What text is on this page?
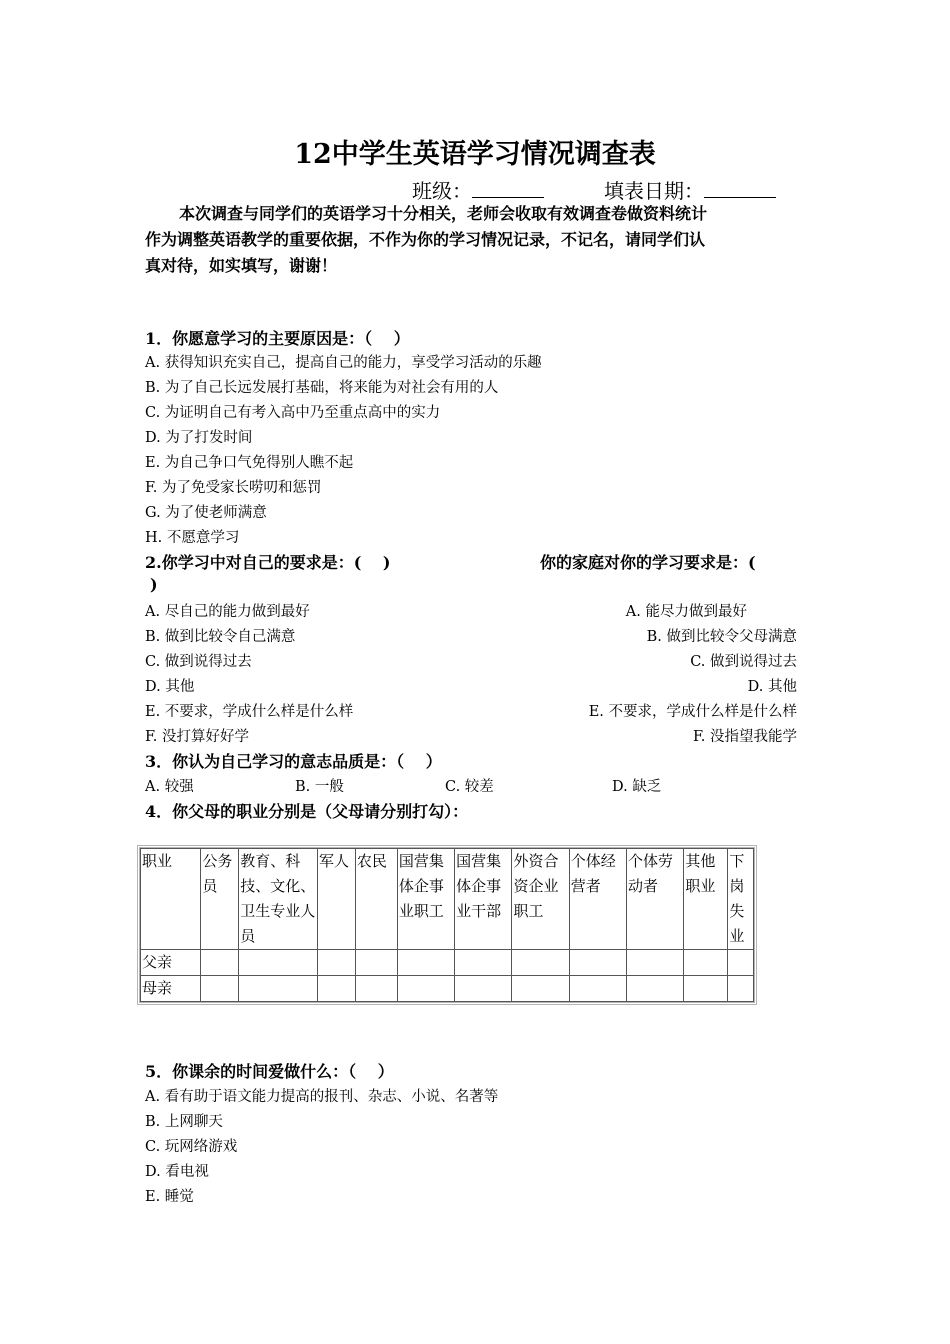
12中学生英语学习情况调查表
班级：	填表日期：
本次调查与同学们的英语学习十分相关，老师会收取有效调查卷做资料统计
作为调整英语教学的重要依据，不作为你的学习情况记录，不记名，请同学们认
真对待，如实填写，谢谢！
1．你愿意学习的主要原因是：（　 ）
A. 获得知识充实自己，提高自己的能力，享受学习活动的乐趣
B. 为了自己长远发展打基础，将来能为对社会有用的人
C. 为证明自己有考入高中乃至重点高中的实力
D. 为了打发时间
E. 为自己争口气免得别人瞧不起
F. 为了免受家长唠叨和惩罚
G. 为了使老师满意
H. 不愿意学习
2.你学习中对自己的要求是：(　 )	你的家庭对你的学习要求是：(
)
A. 尽自己的能力做到最好
B. 做到比较令自己满意
C. 做到说得过去
D. 其他
E. 不要求，学成什么样是什么样
F. 没打算好好学
A. 能尽力做到最好
B. 做到比较令父母满意
C. 做到说得过去
D. 其他
E. 不要求，学成什么样是什么样
F. 没指望我能学
3．你认为自己学习的意志品质是：（　 ）
A. 较强	B. 一般	C. 较差	D. 缺乏
4．你父母的职业分别是（父母请分别打勾）：
职业	公务员	教育、科技、文化、卫生专业人员	军人	农民	国营集体企事业职工	国营集体企事业干部	外资合资企业职工	个体经营者	个体劳动者	其他职业	下岗失业
父亲											
母亲											
5．你课余的时间爱做什么：（　 ）
A. 看有助于语文能力提高的报刊、杂志、小说、名著等
B. 上网聊天
C. 玩网络游戏
D. 看电视
E. 睡觉
